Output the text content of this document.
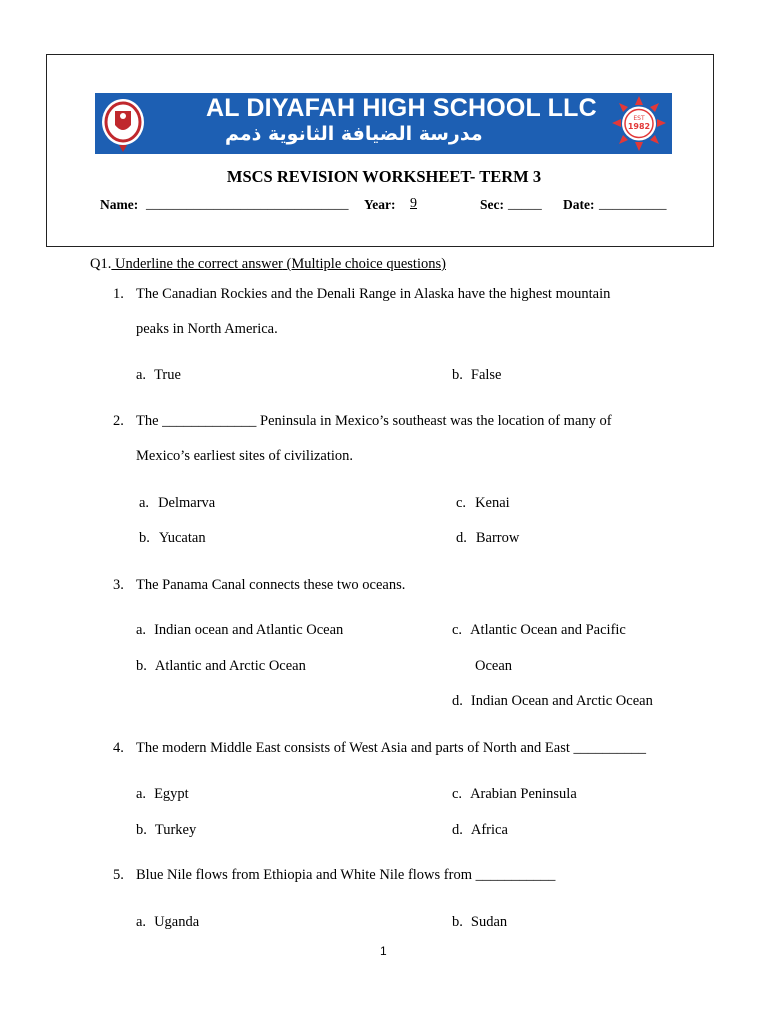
AL DIYAFAH HIGH SCHOOL LLC
مدرسة الضيافة الثانوية ذمم
EST
1982
MSCS REVISION WORKSHEET- TERM 3
Name: ______________________________ Year: 9	Sec: _____ Date: __________
Q1. Underline the correct answer (Multiple choice questions)
1. The Canadian Rockies and the Denali Range in Alaska have the highest mountain
peaks in North America.
a. True	b. False
2. The _____________ Peninsula in Mexico’s southeast was the location of many of
Mexico’s earliest sites of civilization.
a. Delmarva	c. Kenai
b. Yucatan	d. Barrow
3. The Panama Canal connects these two oceans.
a. Indian ocean and Atlantic Ocean	c. Atlantic Ocean and Pacific
Ocean
b. Atlantic and Arctic Ocean
d. Indian Ocean and Arctic Ocean
4. The modern Middle East consists of West Asia and parts of North and East __________
a. Egypt	c. Arabian Peninsula
b. Turkey	d. Africa
5. Blue Nile flows from Ethiopia and White Nile flows from ___________
a. Uganda	b. Sudan
1
